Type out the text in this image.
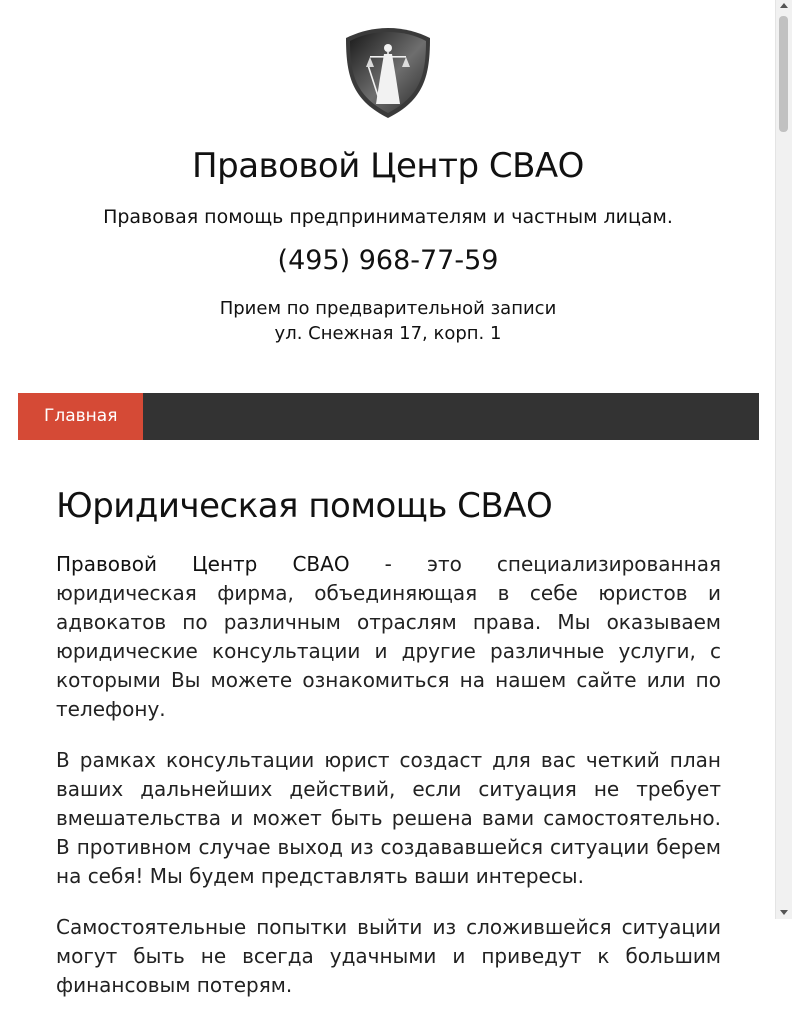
Правовой Центр СВАО
Правовая помощь предпринимателям и частным лицам.
(495) 968-77-59
Прием по предварительной записи
ул. Снежная 17, корп. 1
Главная
Юридическая помощь СВАО

Правовой Центр СВАО - это специализированная юридическая фирма, объединяющая в себе юристов и адвокатов по различным отраслям права. Мы оказываем юридические консультации и другие различные услуги, с которыми Вы можете ознакомиться на нашем сайте или по телефону.

В рамках консультации юрист создаст для вас четкий план ваших дальнейших действий, если ситуация не требует вмешательства и может быть решена вами самостоятельно. В противном случае выход из создававшейся ситуации берем на себя! Мы будем представлять ваши интересы.

Самостоятельные попытки выйти из сложившейся ситуации могут быть не всегда удачными и приведут к большим финансовым потерям.
